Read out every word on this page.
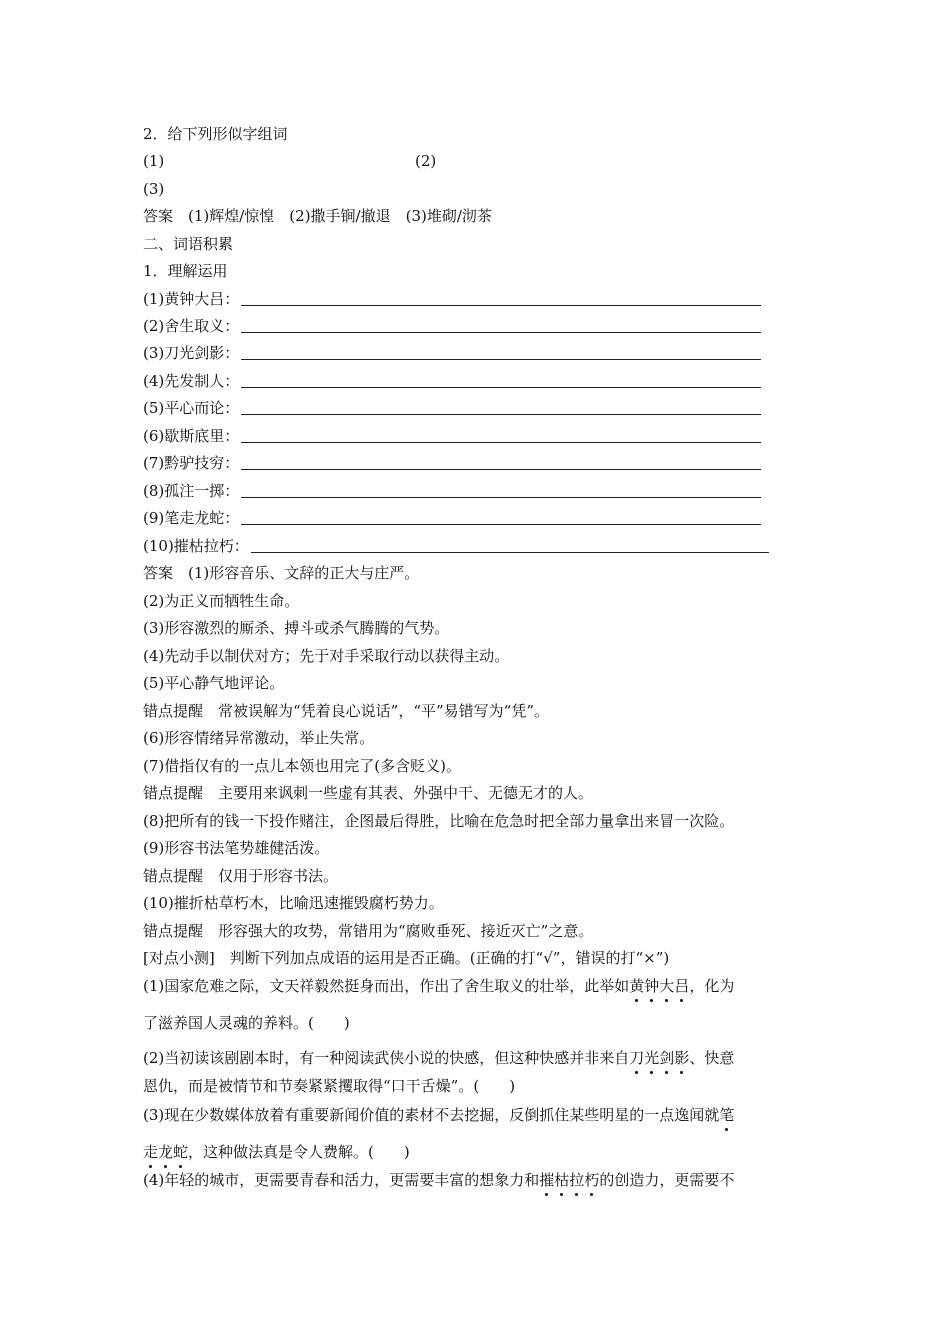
2．给下列形似字组词
(1)	(2)
(3)
答案　(1)辉煌/惊惶　(2)撒手锏/撤退　(3)堆砌/沏茶
二、词语积累
1．理解运用
(1)黄钟大吕：
(2)舍生取义：
(3)刀光剑影：
(4)先发制人：
(5)平心而论：
(6)歇斯底里：
(7)黔驴技穷：
(8)孤注一掷：
(9)笔走龙蛇：
(10)摧枯拉朽：
答案　(1)形容音乐、文辞的正大与庄严。
(2)为正义而牺牲生命。
(3)形容激烈的厮杀、搏斗或杀气腾腾的气势。
(4)先动手以制伏对方；先于对手采取行动以获得主动。
(5)平心静气地评论。
错点提醒　常被误解为“凭着良心说话”，“平”易错写为“凭”。
(6)形容情绪异常激动，举止失常。
(7)借指仅有的一点儿本领也用完了(多含贬义)。
错点提醒　主要用来讽刺一些虚有其表、外强中干、无德无才的人。
(8)把所有的钱一下投作赌注，企图最后得胜，比喻在危急时把全部力量拿出来冒一次险。
(9)形容书法笔势雄健活泼。
错点提醒　仅用于形容书法。
(10)摧折枯草朽木，比喻迅速摧毁腐朽势力。
错点提醒　形容强大的攻势，常错用为“腐败垂死、接近灭亡”之意。
[对点小测]　判断下列加点成语的运用是否正确。(正确的打“√”，错误的打“×”)
(1)国家危难之际，文天祥毅然挺身而出，作出了舍生取义的壮举，此举如黄钟大吕，化为
了滋养国人灵魂的养料。(　　)
(2)当初读该剧剧本时，有一种阅读武侠小说的快感，但这种快感并非来自刀光剑影、快意
恩仇，而是被情节和节奏紧紧攫取得“口干舌燥”。(　　)
(3)现在少数媒体放着有重要新闻价值的素材不去挖掘，反倒抓住某些明星的一点逸闻就笔
走龙蛇，这种做法真是令人费解。(　　)
(4)年轻的城市，更需要青春和活力，更需要丰富的想象力和摧枯拉朽的创造力，更需要不
